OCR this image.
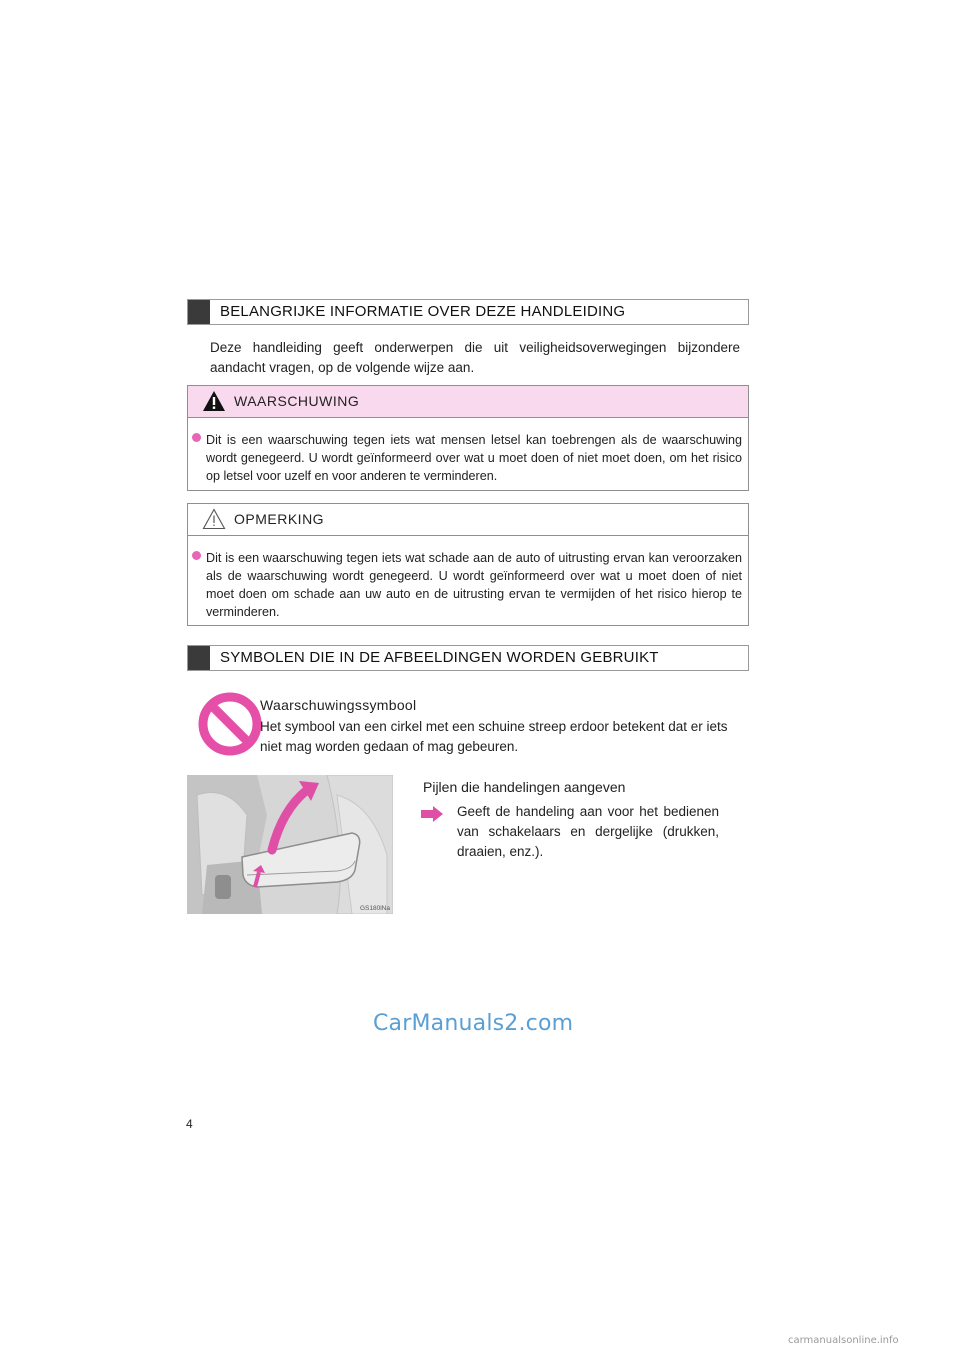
BELANGRIJKE INFORMATIE OVER DEZE HANDLEIDING
Deze handleiding geeft onderwerpen die uit veiligheidsoverwegingen bijzondere aandacht vragen, op de volgende wijze aan.
WAARSCHUWING
Dit is een waarschuwing tegen iets wat mensen letsel kan toebrengen als de waarschuwing wordt genegeerd. U wordt geïnformeerd over wat u moet doen of niet moet doen, om het risico op letsel voor uzelf en voor anderen te verminderen.
OPMERKING
Dit is een waarschuwing tegen iets wat schade aan de auto of uitrusting ervan kan veroorzaken als de waarschuwing wordt genegeerd. U wordt geïnformeerd over wat u moet doen of niet moet doen om schade aan uw auto en de uitrusting ervan te vermijden of het risico hierop te verminderen.
SYMBOLEN DIE IN DE AFBEELDINGEN WORDEN GEBRUIKT
Waarschuwingssymbool
Het symbool van een cirkel met een schuine streep erdoor betekent dat er iets niet mag worden gedaan of mag gebeuren.
GS180lNa
Pijlen die handelingen aangeven
Geeft de handeling aan voor het bedienen van schakelaars en dergelijke (drukken, draaien, enz.).
CarManuals2.com
4
carmanualsonline.info
